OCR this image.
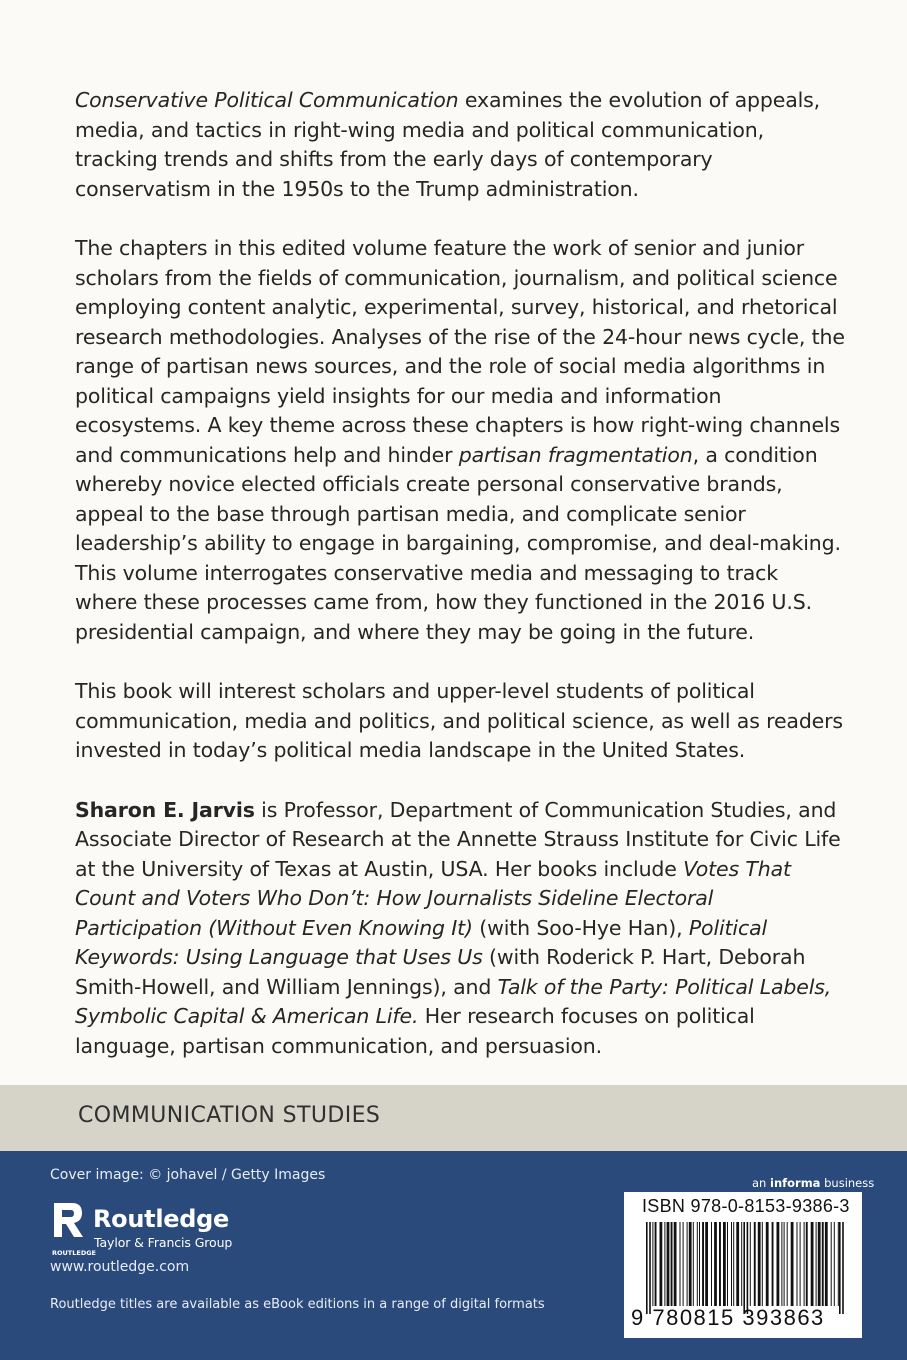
Conservative Political Communication examines the evolution of appeals, media, and tactics in right-wing media and political communication, tracking trends and shifts from the early days of contemporary conservatism in the 1950s to the Trump administration.

The chapters in this edited volume feature the work of senior and junior scholars from the fields of communication, journalism, and political science employing content analytic, experimental, survey, historical, and rhetorical research methodologies. Analyses of the rise of the 24-hour news cycle, the range of partisan news sources, and the role of social media algorithms in political campaigns yield insights for our media and information ecosystems. A key theme across these chapters is how right-wing channels and communications help and hinder partisan fragmentation, a condition whereby novice elected officials create personal conservative brands, appeal to the base through partisan media, and complicate senior leadership’s ability to engage in bargaining, compromise, and deal-making. This volume interrogates conservative media and messaging to track where these processes came from, how they functioned in the 2016 U.S. presidential campaign, and where they may be going in the future.

This book will interest scholars and upper-level students of political communication, media and politics, and political science, as well as readers invested in today’s political media landscape in the United States.

Sharon E. Jarvis is Professor, Department of Communication Studies, and Associate Director of Research at the Annette Strauss Institute for Civic Life at the University of Texas at Austin, USA. Her books include Votes That Count and Voters Who Don’t: How Journalists Sideline Electoral Participation (Without Even Knowing It) (with Soo-Hye Han), Political Keywords: Using Language that Uses Us (with Roderick P. Hart, Deborah Smith-Howell, and William Jennings), and Talk of the Party: Political Labels, Symbolic Capital & American Life. Her research focuses on political language, partisan communication, and persuasion.

COMMUNICATION STUDIES
Cover image: © johavel / Getty Images
ROUTLEDGE
Routledge
Taylor & Francis Group
www.routledge.com
Routledge titles are available as eBook editions in a range of digital formats
an informa business
ISBN 978-0-8153-9386-3
9 780815 393863
